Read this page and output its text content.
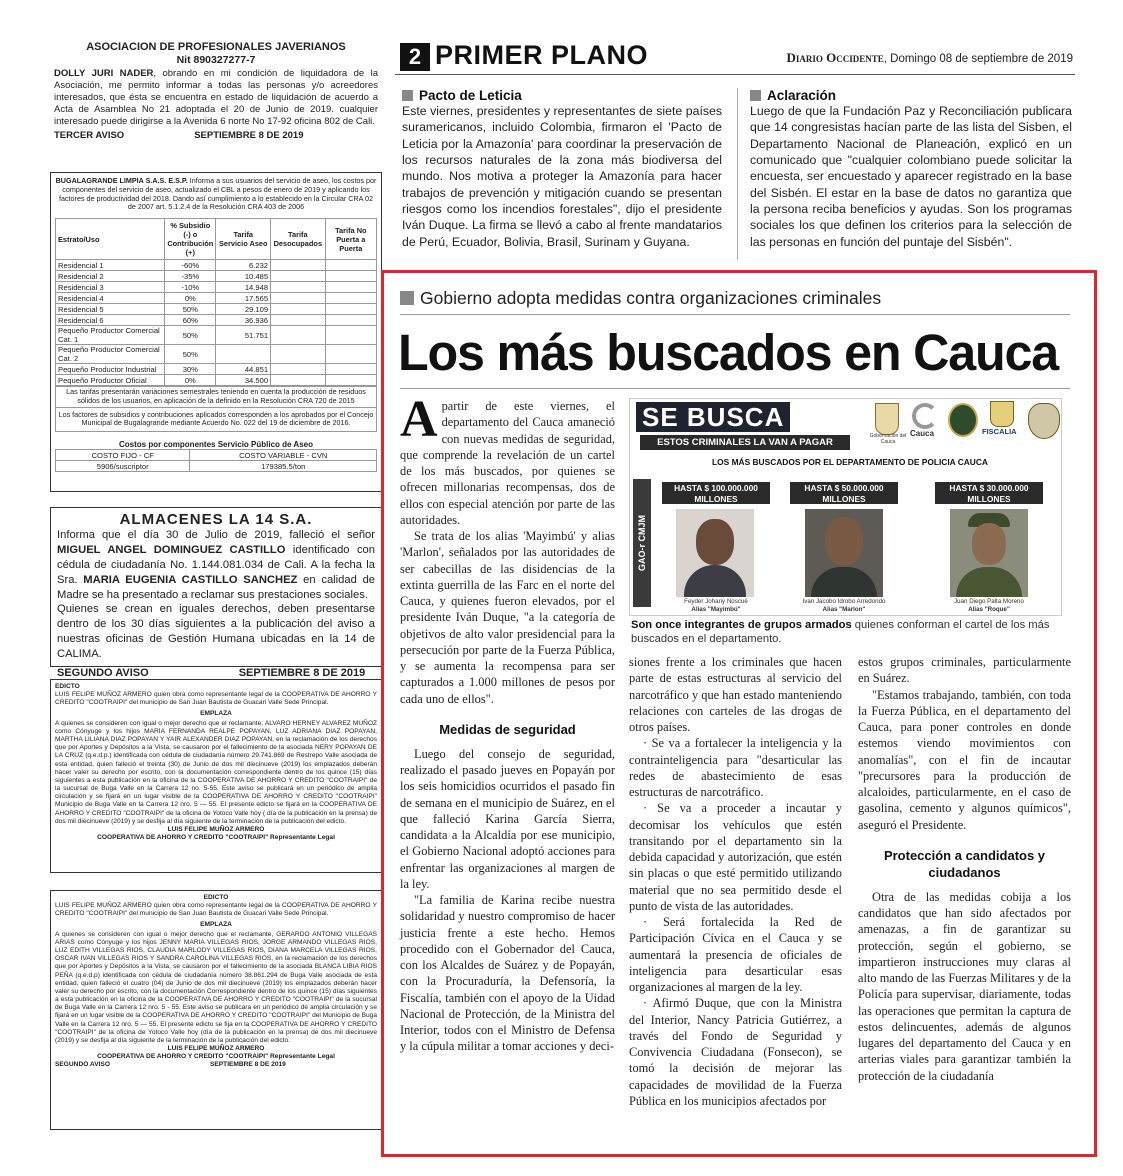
2 PRIMER PLANO	Diario Occidente, Domingo 08 de septiembre de 2019
ASOCIACION DE PROFESIONALES JAVERIANOS
Nit 890327277-7
DOLLY JURI NADER, obrando en mi condición de liquidadora de la Asociación, me permito informar a todas las personas y/o acreedores interesados, que ésta se encuentra en estado de liquidación de acuerdo a Acta de Asamblea No 21 adoptada el 20 de Junio de 2019. cualquier interesado puede dirigirse a la Avenida 6 norte No 17-92 oficina 802 de Cali.
TERCER AVISO	SEPTIEMBRE 8 DE 2019
BUGALAGRANDE LIMPIA S.A.S. E.S.P. Informa a sus usuarios del servicio de aseo, los costos por componentes del servicio de aseo, actualizado el CBL a pesos de enero de 2019 y aplicando los factores de productividad del 2018. Dando así cumplimiento a lo establecido en la Circular CRA 02 de 2007 art. 5.1.2.4 de la Resolución CRA 403 de 2006
Estrato/Uso	% Subsidio (-) o Contribución (+)	Tarifa Servicio Aseo	Tarifa Desocupados	Tarifa No Puerta a Puerta
Residencial 1	-60%	6.232		
Residencial 2	-35%	10.485		
Residencial 3	-10%	14.948		
Residencial 4	0%	17.565		
Residencial 5	50%	29.109		
Residencial 6	60%	36.936		
Pequeño Productor Comercial Cat. 1	50%	51.751		
Pequeño Productor Comercial Cat. 2	50%			
Pequeño Productor Industrial	30%	44.851		
Pequeño Productor Oficial	0%	34.500		
Las tarifas presentarán variaciones semestrales teniendo en cuenta la producción de residuos sólidos de los usuarios, en aplicación de la definido en la Resolución CRA 720 de 2015
Los factores de subsidios y contribuciones aplicados corresponden a los aprobados por el Concejo Municipal de Bugalagrande mediante Acuerdo No. 022 del 19 de diciembre de 2016.
Costos por componentes Servicio Público de Aseo
COSTO FIJO - CF	COSTO VARIABLE - CVN
5906/suscriptor	179385.5/ton
ALMACENES LA 14 S.A.
Informa que el día 30 de Julio de 2019, falleció el señor MIGUEL ANGEL DOMINGUEZ CASTILLO identificado con cédula de ciudadanía No. 1.144.081.034 de Cali. A la fecha la Sra. MARIA EUGENIA CASTILLO SANCHEZ en calidad de Madre se ha presentado a reclamar sus prestaciones sociales.
Quienes se crean en iguales derechos, deben presentarse dentro de los 30 días siguientes a la publicación del aviso a nuestras oficinas de Gestión Humana ubicadas en la 14 de CALIMA.
SEGUNDO AVISO	SEPTIEMBRE 8 DE 2019
EDICTO
LUIS FELIPE MUÑOZ ARMERO quien obra como representante legal de la COOPERATIVA DE AHORRO Y CREDITO "COOTRAIPI" del municipio de San Juan Bautista de Guacari Valle Sede Principal.
EMPLAZA
A quienes se consideren con igual o mejor derecho que el reclamante, ALVARO HERNEY ALVAREZ MUÑOZ como Cónyuge y los hijos MARIA FERNANDA REALPE POPAYAN, LUZ ADRIANA DIAZ POPAYAN, MARTHA LILIANA DIAZ POPAYAN Y YAIR ALEXANDER DIAZ POPAYAN, en la reclamación de los derechos que por Aportes y Depósitos a la Vista, se causaron por el fallecimiento de la asociada NERY POPAYAN DE LA CRUZ (q.e.d.p.) identificada con cédula de ciudadanía número 29.741.869 de Restrepo Valle asociada de esta entidad, quien falleció el treinta (30) de Junio de dos mil diecinueve (2019) los emplazados deberán hacer valer su derecho por escrito, con la documentación correspondiente dentro de los quince (15) días siguientes a esta publicación en la oficina de la COOPERATIVA DE AHORRO Y CREDITO "COOTRAIPI" de la sucursal de Buga Valle en la Carrera 12 no. 5-55. Este aviso se publicará en un periódico de amplia circulación y se fijará en un lugar visible de la COOPERATIVA DE AHORRO Y CREDITO "COOTRAIPI" Municipio de Buga Valle en la Carrera 12 nro. 5 — 55. El presente edicto se fijará en la COOPERATIVA DE AHORRO Y CREDITO "COOTRAIPI" de la oficina de Yotoco Valle hoy ( día de la publicación en la prensa) de dos mil diecinueve (2019) y se desfija al día siguiente de la terminación de la publicación del edicto.
LUIS FELIPE MUÑOZ ARMERO
COOPERATIVA DE AHORRO Y CREDITO "COOTRAIPI" Representante Legal
EDICTO
LUIS FELIPE MUÑOZ ARMERO quien obra como representante legal de la COOPERATIVA DE AHORRO Y CREDITO "COOTRAIPI" del municipio de San Juan Bautista de Guacari Valle Sede Principal.
EMPLAZA
A quienes se consideren con igual o mejor derecho que el reclamante, GERARDO ANTONIO VILLEGAS ARIAS como Cónyuge y los hijos JENNY MARIA VILLEGAS RIOS, JORGE ARMANDO VILLEGAS RIOS, LUZ EDITH VILLEGAS RIOS, CLAUDIA MARLODY VILLEGAS RIOS, DIANA MARCELA VILLEGAS RIOS, OSCAR IVAN VILLEGAS RIOS Y SANDRA CAROLINA VILLEGAS RIOS, en la reclamación de los derechos que por Aportes y Depósitos a la Vista, se causaron por el fallecimiento de la asociada BLANCA LIBIA RIOS PEÑA (q.e.d.p) identificada con cédula de ciudadanía número 38.861.294 de Buga Valle asociada de esta entidad, quien falleció el cuatro (04) de Junio de dos mil diecinueve (2019) los emplazados deberán hacer valer su derecho por escrito, con la documentación Correspondiente dentro de los quince (15) días siguientes a esta publicación en la oficina de la COOPERATIVA DE AHORRO Y CREDITO "COOTRAIPI" de la sucursal de Buga Valle en la Carrera 12 nro. 5 - 55. Este aviso se publicara en un periódico de amplia circulación y se fijará en un lugar visible de la COOPERATIVA DE AHORRO Y CREDITO "COOTRAIPI" del Municipio de Buga Valle en la Carrera 12 nro. 5 — 55. El presente edicto se fija en la COOPERATIVA DE AHORRO Y CREDITO "COOTRAIPI" de la oficina de Yotoco Valle hoy (día de la publicación en la prensa) de dos mil diecinueve (2019) y se desfija al día siguiente de la terminación de la publicación del edicto.
LUIS FELIPE MUÑOZ ARMERO
COOPERATIVA DE AHORRO Y CREDITO "COOTRAIPI" Representante Legal
SEGUNDO AVISO	SEPTIEMBRE 8 DE 2019
Pacto de Leticia
Este viernes, presidentes y representantes de siete países suramericanos, incluido Colombia, firmaron el 'Pacto de Leticia por la Amazonía' para coordinar la preservación de los recursos naturales de la zona más biodiversa del mundo. Nos motiva a proteger la Amazonía para hacer trabajos de prevención y mitigación cuando se presentan riesgos como los incendios forestales", dijo el presidente Iván Duque. La firma se llevó a cabo al frente mandatarios de Perú, Ecuador, Bolivia, Brasil, Surinam y Guyana.
Aclaración
Luego de que la Fundación Paz y Reconciliación publicara que 14 congresistas hacían parte de las lista del Sisben, el Departamento Nacional de Planeación, explicó en un comunicado que "cualquier colombiano puede solicitar la encuesta, ser encuestado y aparecer registrado en la base del Sisbén. El estar en la base de datos no garantiza que la persona reciba beneficios y ayudas. Son los programas sociales los que definen los criterios para la selección de las personas en función del puntaje del Sisbén".
Gobierno adopta medidas contra organizaciones criminales
Los más buscados en Cauca
A partir de este viernes, el departamento del Cauca amaneció con nuevas medidas de seguridad, que comprende la revelación de un cartel de los más buscados, por quienes se ofrecen millonarias recompensas, dos de ellos con especial atención por parte de las autoridades.

Se trata de los alias 'Mayimbú' y alias 'Marlon', señalados por las autoridades de ser cabecillas de las disidencias de la extinta guerrilla de las Farc en el norte del Cauca, y quienes fueron elevados, por el presidente Iván Duque, "a la categoría de objetivos de alto valor presidencial para la persecución por parte de la Fuerza Pública, y se aumenta la recompensa para ser capturados a 1.000 millones de pesos por cada uno de ellos".

Medidas de seguridad

Luego del consejo de seguridad, realizado el pasado jueves en Popayán por los seis homicidios ocurridos el pasado fin de semana en el municipio de Suárez, en el que falleció Karina García Sierra, candidata a la Alcaldía por ese municipio, el Gobierno Nacional adoptó acciones para enfrentar las organizaciones al margen de la ley.

"La familia de Karina recibe nuestra solidaridad y nuestro compromiso de hacer justicia frente a este hecho. Hemos procedido con el Gobernador del Cauca, con los Alcaldes de Suárez y de Popayán, con la Procuraduría, la Defensoría, la Fiscalía, también con el apoyo de la Uidad Nacional de Protección, de la Ministra del Interior, todos con el Ministro de Defensa y la cúpula militar a tomar acciones y deci-

SE BUSCA
ESTOS CRIMINALES LA VAN A PAGAR
Gobernación del Cauca
Cauca	FISCALIA
LOS MÁS BUSCADOS POR EL DEPARTAMENTO DE POLICIA CAUCA
GAO-r CMJM
HASTA $ 100.000.000
MILLONES
HASTA $ 50.000.000
MILLONES
HASTA $ 30.000.000
MILLONES
Feyder Johany Noscué
Alias "Mayimbú"
Ivan Jacobo Idrobo Arredondo
Alias "Marlon"
Juan Diego Palta Moreno
Alias "Roque"
Son once integrantes de grupos armados quienes conforman el cartel de los más buscados en el departamento.

siones frente a los criminales que hacen parte de estas estructuras al servicio del narcotráfico y que han estado manteniendo relaciones con carteles de las drogas de otros países.

· Se va a fortalecer la inteligencia y la contrainteligencia para "desarticular las redes de abastecimiento de esas estructuras de narcotráfico.

· Se va a proceder a incautar y decomisar los vehículos que estén transitando por el departamento sin la debida capacidad y autorización, que estén sin placas o que esté permitido utilizando material que no sea permitido desde el punto de vista de las autoridades.

· Será fortalecida la Red de Participación Cívica en el Cauca y se aumentará la presencia de oficiales de inteligencia para desarticular esas organizaciones al margen de la ley.

· Afirmó Duque, que con la Ministra del Interior, Nancy Patricia Gutiérrez, a través del Fondo de Seguridad y Convivencia Ciudadana (Fonsecon), se tomó la decisión de mejorar las capacidades de movilidad de la Fuerza Pública en los municipios afectados por

estos grupos criminales, particularmente en Suárez.

"Estamos trabajando, también, con toda la Fuerza Pública, en el departamento del Cauca, para poner controles en donde estemos viendo movimientos con anomalías", con el fin de incautar "precursores para la producción de alcaloides, particularmente, en el caso de gasolina, cemento y algunos químicos", aseguró el Presidente.

Protección a candidatos y ciudadanos

Otra de las medidas cobija a los candidatos que han sido afectados por amenazas, a fin de garantizar su protección, según el gobierno, se impartieron instrucciones muy claras al alto mando de las Fuerzas Militares y de la Policía para supervisar, diariamente, todas las operaciones que permitan la captura de estos delincuentes, además de algunos lugares del departamento del Cauca y en arterias viales para garantizar también la protección de la ciudadanía
